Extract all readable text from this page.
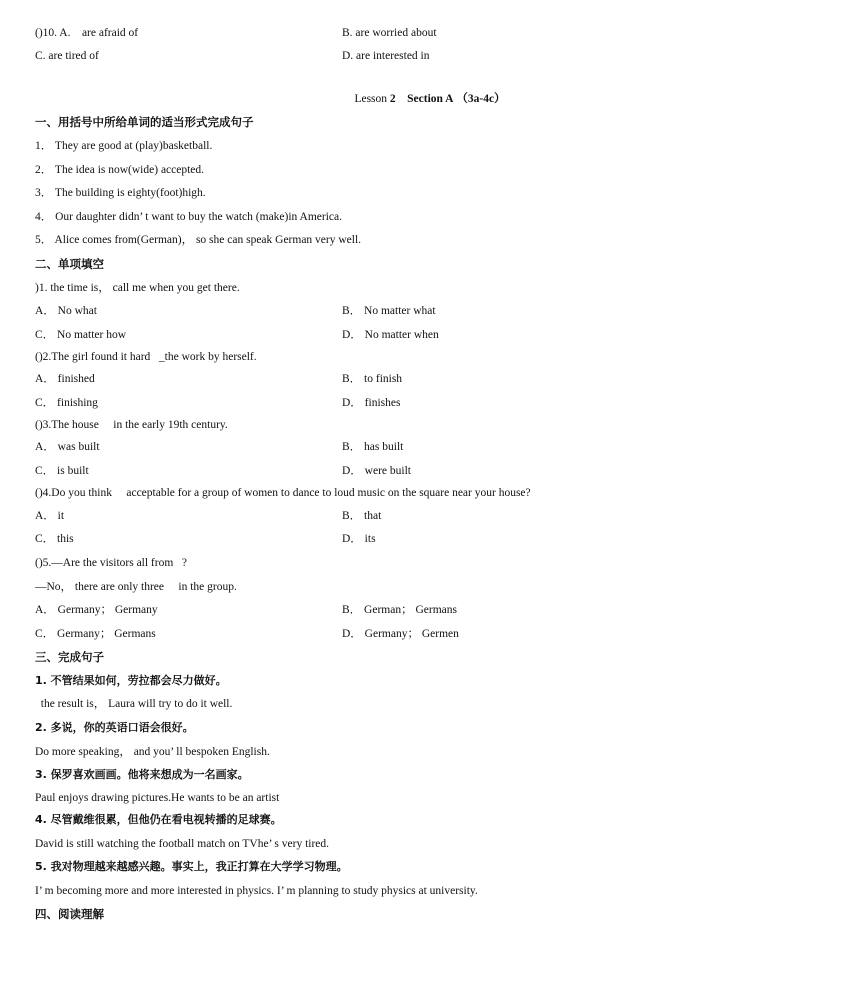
()10. A. are afraid of	B. are worried about
C. are tired of	D. are interested in
Lesson 2 Section A （3a-4c）
一、用括号中所给单词的适当形式完成句子
1． They are good at (play)basketball.
2． The idea is now(wide) accepted.
3． The building is eighty(foot)high.
4． Our daughter didn’ t want to buy the watch (make)in America.
5． Alice comes from(German)， so she can speak German very well.
二、单项填空
)1. the time is， call me when you get there.
A． No what	B． No matter what
C． No matter how	D． No matter when
()2.The girl found it hard  _the work by herself.
A． finished	B． to finish
C． finishing	D． finishes
()3.The house  in the early 19th century.
A． was built	B． has built
C． is built	D． were built
()4.Do you think  acceptable for a group of women to dance to loud music on the square near your house?
A． it	B． that
C． this	D． its
()5.—Are the visitors all from  ?
—No， there are only three  in the group.
A． Germany； Germany	B． German； Germans
C． Germany； Germans	D． Germany； Germen
三、完成句子
1. 不管结果如何，劳拉都会尽力做好。
the result is， Laura will try to do it well.
2. 多说，你的英语口语会很好。
Do more speaking， and you’ ll bespoken English.
3. 保罗喜欢画画。他将来想成为一名画家。
Paul enjoys drawing pictures.He wants to be an artist
4. 尽管戴维很累，但他仍在看电视转播的足球赛。
David is still watching the football match on TVhe’ s very tired.
5. 我对物理越来越感兴趣。事实上，我正打算在大学学习物理。
I’ m becoming more and more interested in physics. I’ m planning to study physics at university.
四、阅读理解
